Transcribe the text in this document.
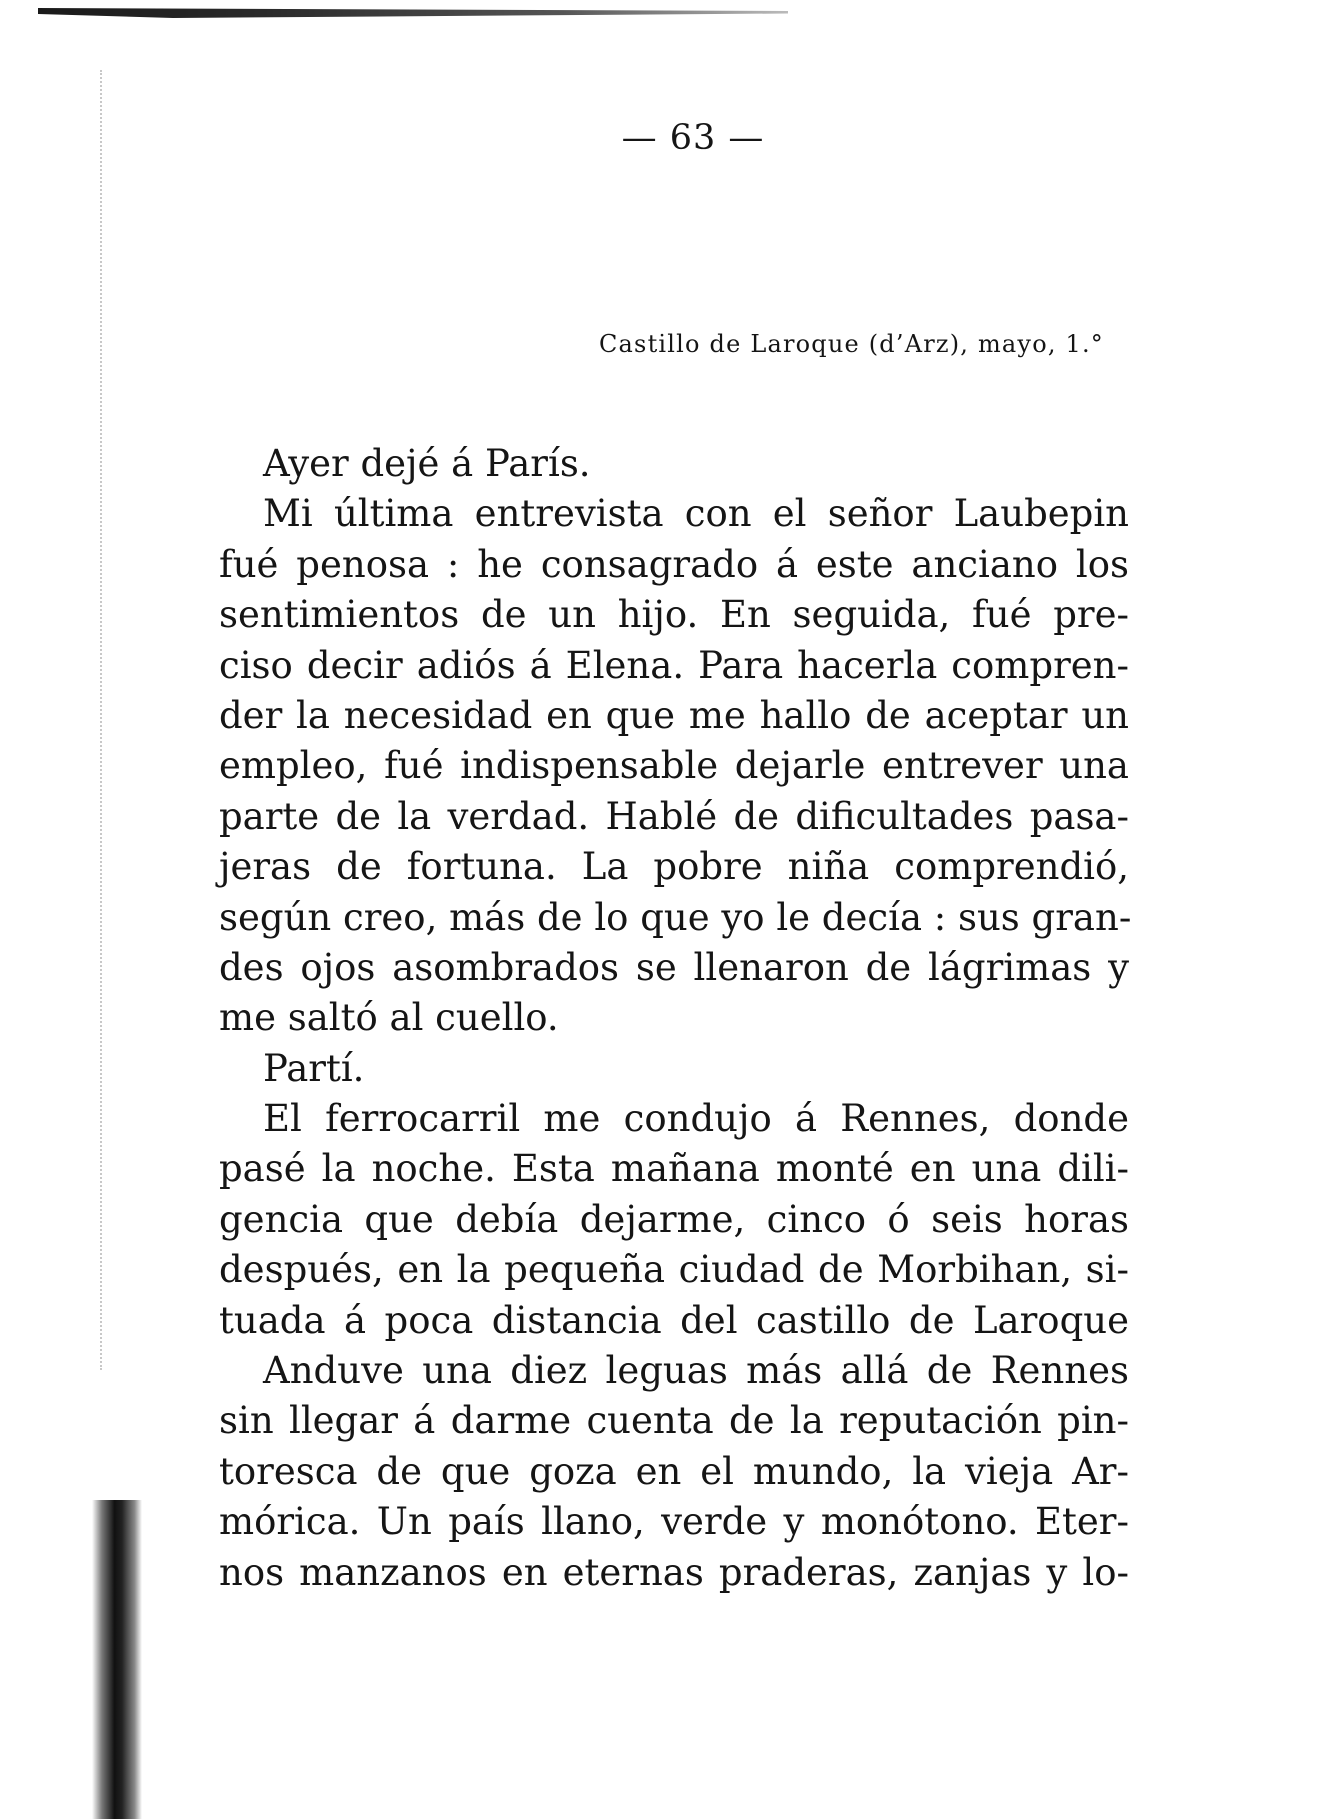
— 63 —
Castillo de Laroque (d’Arz), mayo, 1.°
Ayer dejé á París.
Mi última entrevista con el señor Laubepin
fué penosa : he consagrado á este anciano los
sentimientos de un hijo. En seguida, fué pre-
ciso decir adiós á Elena. Para hacerla compren-
der la necesidad en que me hallo de aceptar un
empleo, fué indispensable dejarle entrever una
parte de la verdad. Hablé de dificultades pasa-
jeras de fortuna. La pobre niña comprendió,
según creo, más de lo que yo le decía : sus gran-
des ojos asombrados se llenaron de lágrimas y
me saltó al cuello.
Partí.
El ferrocarril me condujo á Rennes, donde
pasé la noche. Esta mañana monté en una dili-
gencia que debía dejarme, cinco ó seis horas
después, en la pequeña ciudad de Morbihan, si-
tuada á poca distancia del castillo de Laroque
Anduve una diez leguas más allá de Rennes
sin llegar á darme cuenta de la reputación pin-
toresca de que goza en el mundo, la vieja Ar-
mórica. Un país llano, verde y monótono. Eter-
nos manzanos en eternas praderas, zanjas y lo-
